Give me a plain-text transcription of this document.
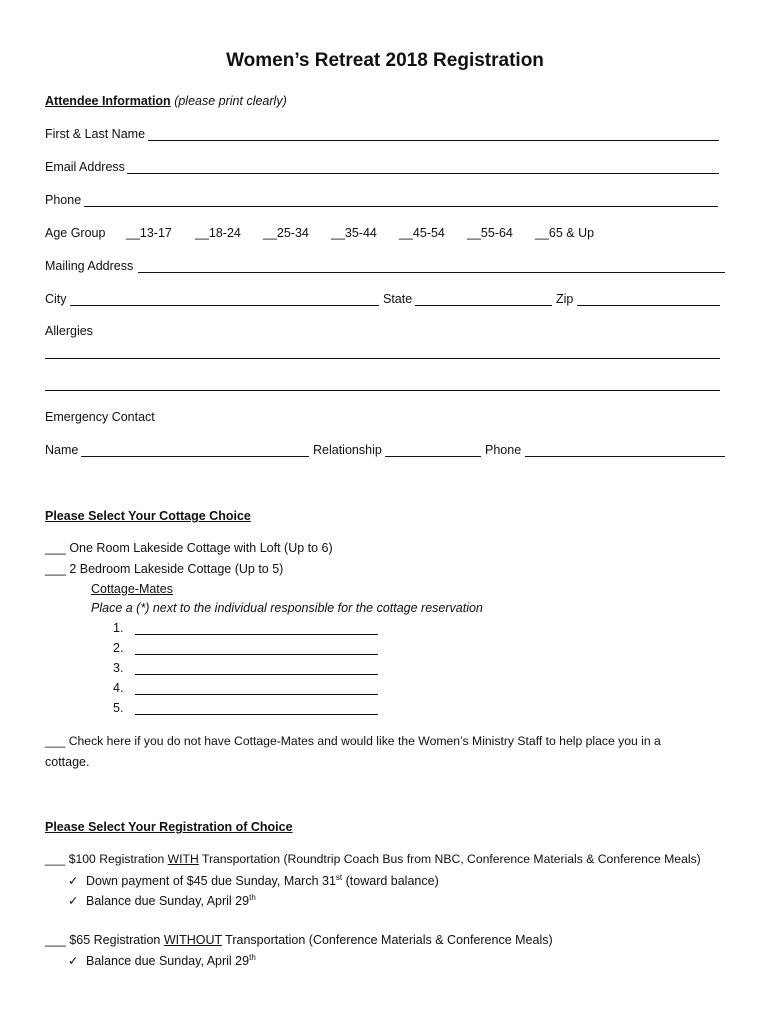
Women’s Retreat 2018 Registration
Attendee Information (please print clearly)
First & Last Name
Email Address
Phone
Age Group __13-17 __18-24 __25-34 __35-44 __45-54 __55-64 __65 & Up
Mailing Address
City	State	Zip
Allergies
Emergency Contact
Name	Relationship	Phone
Please Select Your Cottage Choice
___ One Room Lakeside Cottage with Loft (Up to 6)
___ 2 Bedroom Lakeside Cottage (Up to 5)
Cottage-Mates
Place a (*) next to the individual responsible for the cottage reservation
1.
2.
3.
4.
5.
___ Check here if you do not have Cottage-Mates and would like the Women’s Ministry Staff to help place you in a
cottage.
Please Select Your Registration of Choice
___ $100 Registration WITH Transportation (Roundtrip Coach Bus from NBC, Conference Materials & Conference Meals)
✓ Down payment of $45 due Sunday, March 31st (toward balance)
✓ Balance due Sunday, April 29th
___ $65 Registration WITHOUT Transportation (Conference Materials & Conference Meals)
✓ Balance due Sunday, April 29th
